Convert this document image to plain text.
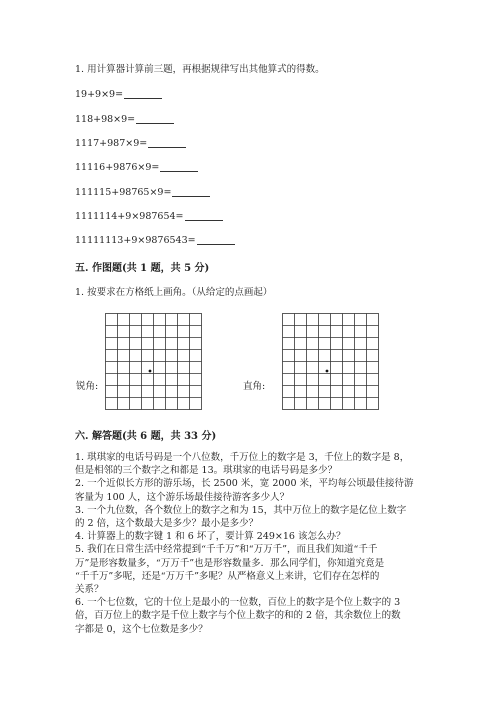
1. 用计算器计算前三题，再根据规律写出其他算式的得数。
19+9×9=
118+98×9=
1117+987×9=
11116+9876×9=
111115+98765×9=
1111114+9×987654=
11111113+9×9876543=
五. 作图题(共 1 题，共 5 分)
1. 按要求在方格纸上画角。（从给定的点画起）
锐角:	直角:
六. 解答题(共 6 题，共 33 分)
1. 琪琪家的电话号码是一个八位数，千万位上的数字是 3，千位上的数字是 8，
但是相邻的三个数字之和都是 13。琪琪家的电话号码是多少？
2. 一个近似长方形的游乐场，长 2500 米，宽 2000 米，平均每公顷最佳接待游
客量为 100 人，这个游乐场最佳接待游客多少人？
3. 一个九位数，各个数位上的数字之和为 15，其中万位上的数字是亿位上数字
的 2 倍，这个数最大是多少？最小是多少？
4. 计算器上的数字键 1 和 6 坏了，要计算 249×16 该怎么办？
5. 我们在日常生活中经常提到“千千万”和“万万千”，而且我们知道“千千
万”是形容数量多，“万万千”也是形容数量多．那么同学们，你知道究竟是
“千千万”多呢，还是“万万千”多呢？从严格意义上来讲，它们存在怎样的
关系？
6. 一个七位数，它的十位上是最小的一位数，百位上的数字是个位上数字的 3
倍，百万位上的数字是千位上数字与个位上数字的和的 2 倍，其余数位上的数
字都是 0，这个七位数是多少？
